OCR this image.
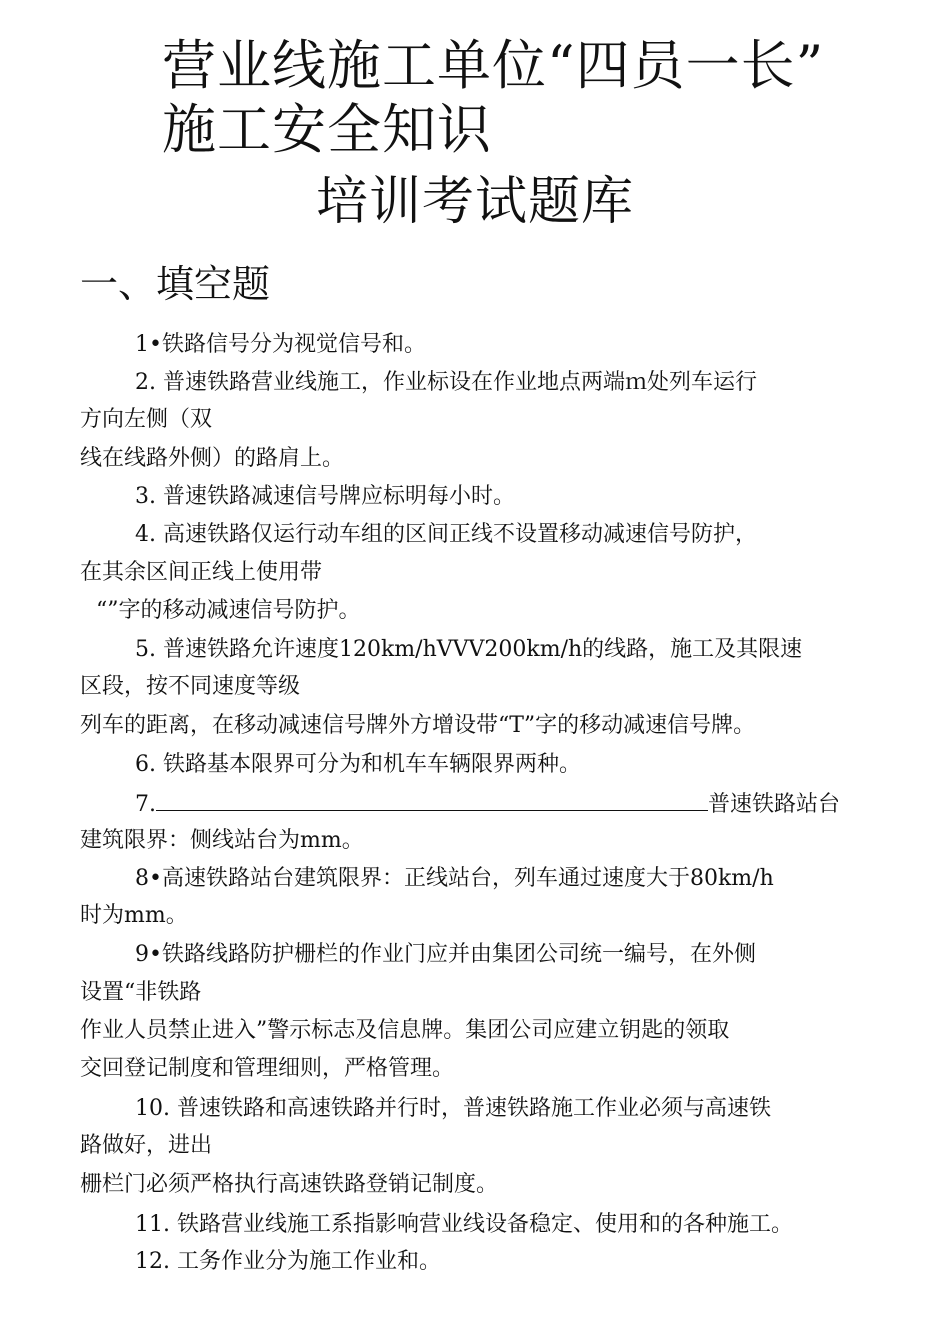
营业线施工单位“四员一长”
施工安全知识
培训考试题库
一、填空题
1•铁路信号分为视觉信号和。
2. 普速铁路营业线施工，作业标设在作业地点两端ｍ处列车运行
方向左侧（双
线在线路外侧）的路肩上。
3. 普速铁路减速信号牌应标明每小时。
4. 高速铁路仅运行动车组的区间正线不设置移动减速信号防护，
在其余区间正线上使用带
“”字的移动减速信号防护。
5. 普速铁路允许速度120km/hVVV200km/h的线路，施工及其限速
区段，按不同速度等级
列车的距离，在移动减速信号牌外方增设带“T”字的移动减速信号牌。
6. 铁路基本限界可分为和机车车辆限界两种。
7.	普速铁路站台
建筑限界：侧线站台为mm。
8•高速铁路站台建筑限界：正线站台，列车通过速度大于80km/h
时为mm。
9•铁路线路防护栅栏的作业门应并由集团公司统一编号，在外侧
设置“非铁路
作业人员禁止进入”警示标志及信息牌。集团公司应建立钥匙的领取
交回登记制度和管理细则，严格管理。
10. 普速铁路和高速铁路并行时，普速铁路施工作业必须与高速铁
路做好，进出
栅栏门必须严格执行高速铁路登销记制度。
11. 铁路营业线施工系指影响营业线设备稳定、使用和的各种施工。
12. 工务作业分为施工作业和。
